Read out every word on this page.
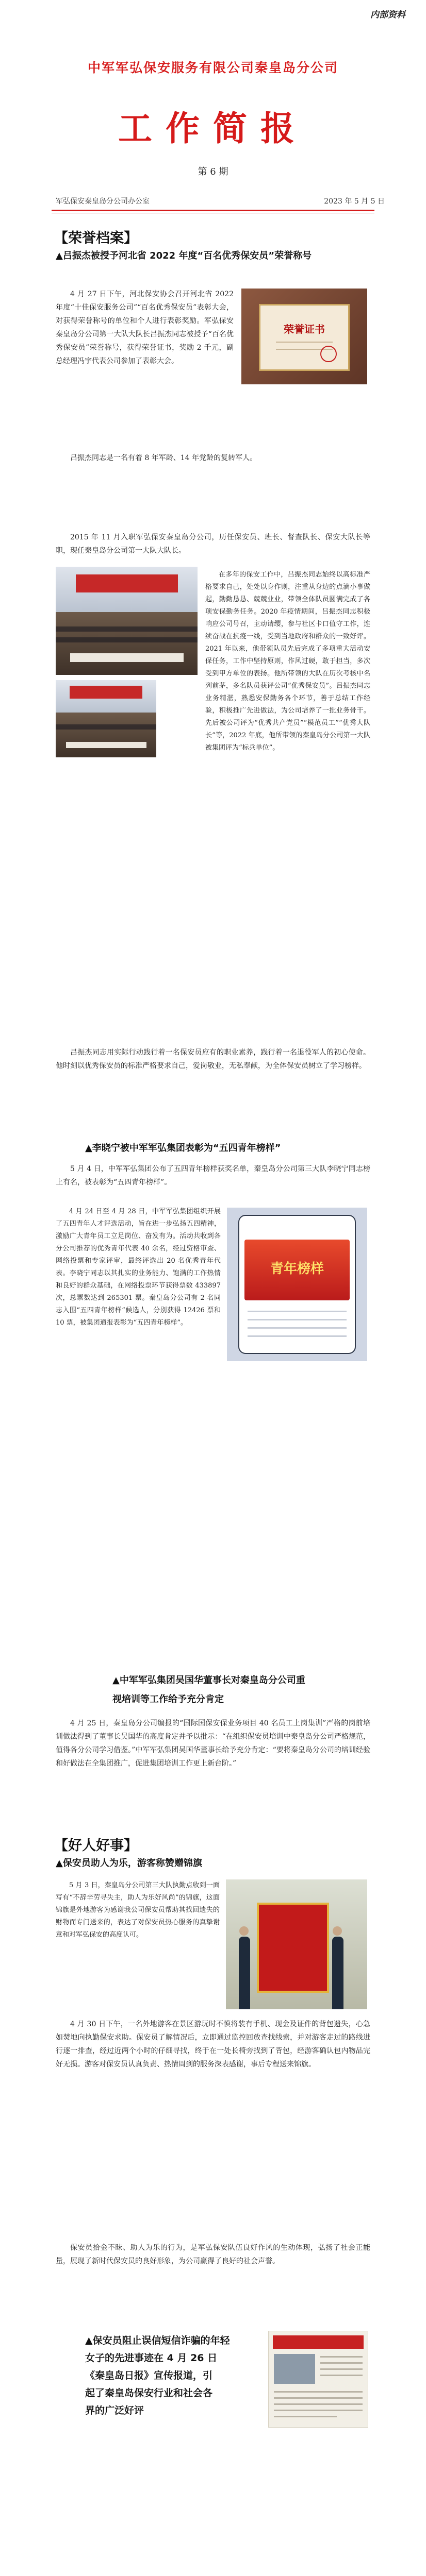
内部资料
中军军弘保安服务有限公司秦皇岛分公司
工作简报
第 6 期
军弘保安秦皇岛分公司办公室	2023 年 5 月 5 日
【荣誉档案】
▲吕振杰被授予河北省 2022 年度“百名优秀保安员”荣誉称号

4 月 27 日下午，河北保安协会召开河北省 2022 年度“十佳保安服务公司”“百名优秀保安员”表彰大会，对获得荣誉称号的单位和个人进行表彰奖励。军弘保安秦皇岛分公司第一大队大队长吕振杰同志被授予“百名优秀保安员”荣誉称号，获得荣誉证书，奖励 2 千元，副总经理冯宇代表公司参加了表彰大会。

荣誉证书

吕振杰同志是一名有着 8 年军龄、14 年党龄的复转军人。

2015 年 11 月入职军弘保安秦皇岛分公司，历任保安员、班长、督查队长、保安大队长等职，现任秦皇岛分公司第一大队大队长。

在多年的保安工作中，吕振杰同志始终以高标准严格要求自己，处处以身作则，注重从身边的点滴小事做起，勤勤恳恳、兢兢业业，带领全体队员圆满完成了各项安保勤务任务。2020 年疫情期间，吕振杰同志积极响应公司号召，主动请缨，参与社区卡口值守工作，连续奋战在抗疫一线，受到当地政府和群众的一致好评。2021 年以来，他带领队员先后完成了多项重大活动安保任务，工作中坚持原则，作风过硬，敢于担当，多次受到甲方单位的表扬。他所带领的大队在历次考核中名列前茅，多名队员获评公司“优秀保安员”。吕振杰同志业务精湛，熟悉安保勤务各个环节，善于总结工作经验，积极推广先进做法，为公司培养了一批业务骨干。先后被公司评为“优秀共产党员”“模范员工”“优秀大队长”等，2022 年底，他所带领的秦皇岛分公司第一大队被集团评为“标兵单位”。

吕振杰同志用实际行动践行着一名保安员应有的职业素养，践行着一名退役军人的初心使命。他时刻以优秀保安员的标准严格要求自己，爱岗敬业，无私奉献，为全体保安员树立了学习榜样。

▲李晓宁被中军军弘集团表彰为“五四青年榜样”

5 月 4 日，中军军弘集团公布了五四青年榜样获奖名单，秦皇岛分公司第三大队李晓宁同志榜上有名，被表彰为“五四青年榜样”。

4 月 24 日至 4 月 28 日，中军军弘集团组织开展了五四青年人才评选活动，旨在进一步弘扬五四精神，激励广大青年员工立足岗位、奋发有为。活动共收到各分公司推荐的优秀青年代表 40 余名，经过资格审查、网络投票和专家评审，最终评选出 20 名优秀青年代表。李晓宁同志以其扎实的业务能力、饱满的工作热情和良好的群众基础，在网络投票环节获得票数 433897 次，总票数达到 265301 票。秦皇岛分公司有 2 名同志入围“五四青年榜样”候选人，分别获得 12426 票和 10 票，被集团通报表彰为“五四青年榜样”。

青年榜样
▲中军军弘集团吴国华董事长对秦皇岛分公司重
视培训等工作给予充分肯定

4 月 25 日，秦皇岛分公司编报的“国际国保安保业务项目 40 名员工上岗集训”严格的岗前培训做法得到了董事长吴国华的高度肯定并予以批示：“在组织保安员培训中秦皇岛分公司严格规范，值得各分公司学习借鉴。”中军军弘集团吴国华董事长给予充分肯定：“要将秦皇岛分公司的培训经验和好做法在全集团推广，促进集团培训工作更上新台阶。”

【好人好事】
▲保安员助人为乐，游客称赞赠锦旗

5 月 3 日，秦皇岛分公司第三大队执勤点收到一面写有“不辞辛劳寻失主，助人为乐好风尚”的锦旗，这面锦旗是外地游客为感谢我公司保安员帮助其找回遗失的财物而专门送来的，表达了对保安员热心服务的真挚谢意和对军弘保安的高度认可。

4 月 30 日下午，一名外地游客在景区游玩时不慎将装有手机、现金及证件的背包遗失，心急如焚地向执勤保安求助。保安员了解情况后，立即通过监控回放查找线索，并对游客走过的路线进行逐一排查，经过近两个小时的仔细寻找，终于在一处长椅旁找到了背包，经游客确认包内物品完好无损。游客对保安员认真负责、热情周到的服务深表感谢，事后专程送来锦旗。

保安员拾金不昧、助人为乐的行为，是军弘保安队伍良好作风的生动体现，弘扬了社会正能量，展现了新时代保安员的良好形象，为公司赢得了良好的社会声誉。

▲保安员阻止误信短信诈骗的年轻
女子的先进事迹在 4 月 26 日
《秦皇岛日报》宣传报道，引
起了秦皇岛保安行业和社会各
界的广泛好评
